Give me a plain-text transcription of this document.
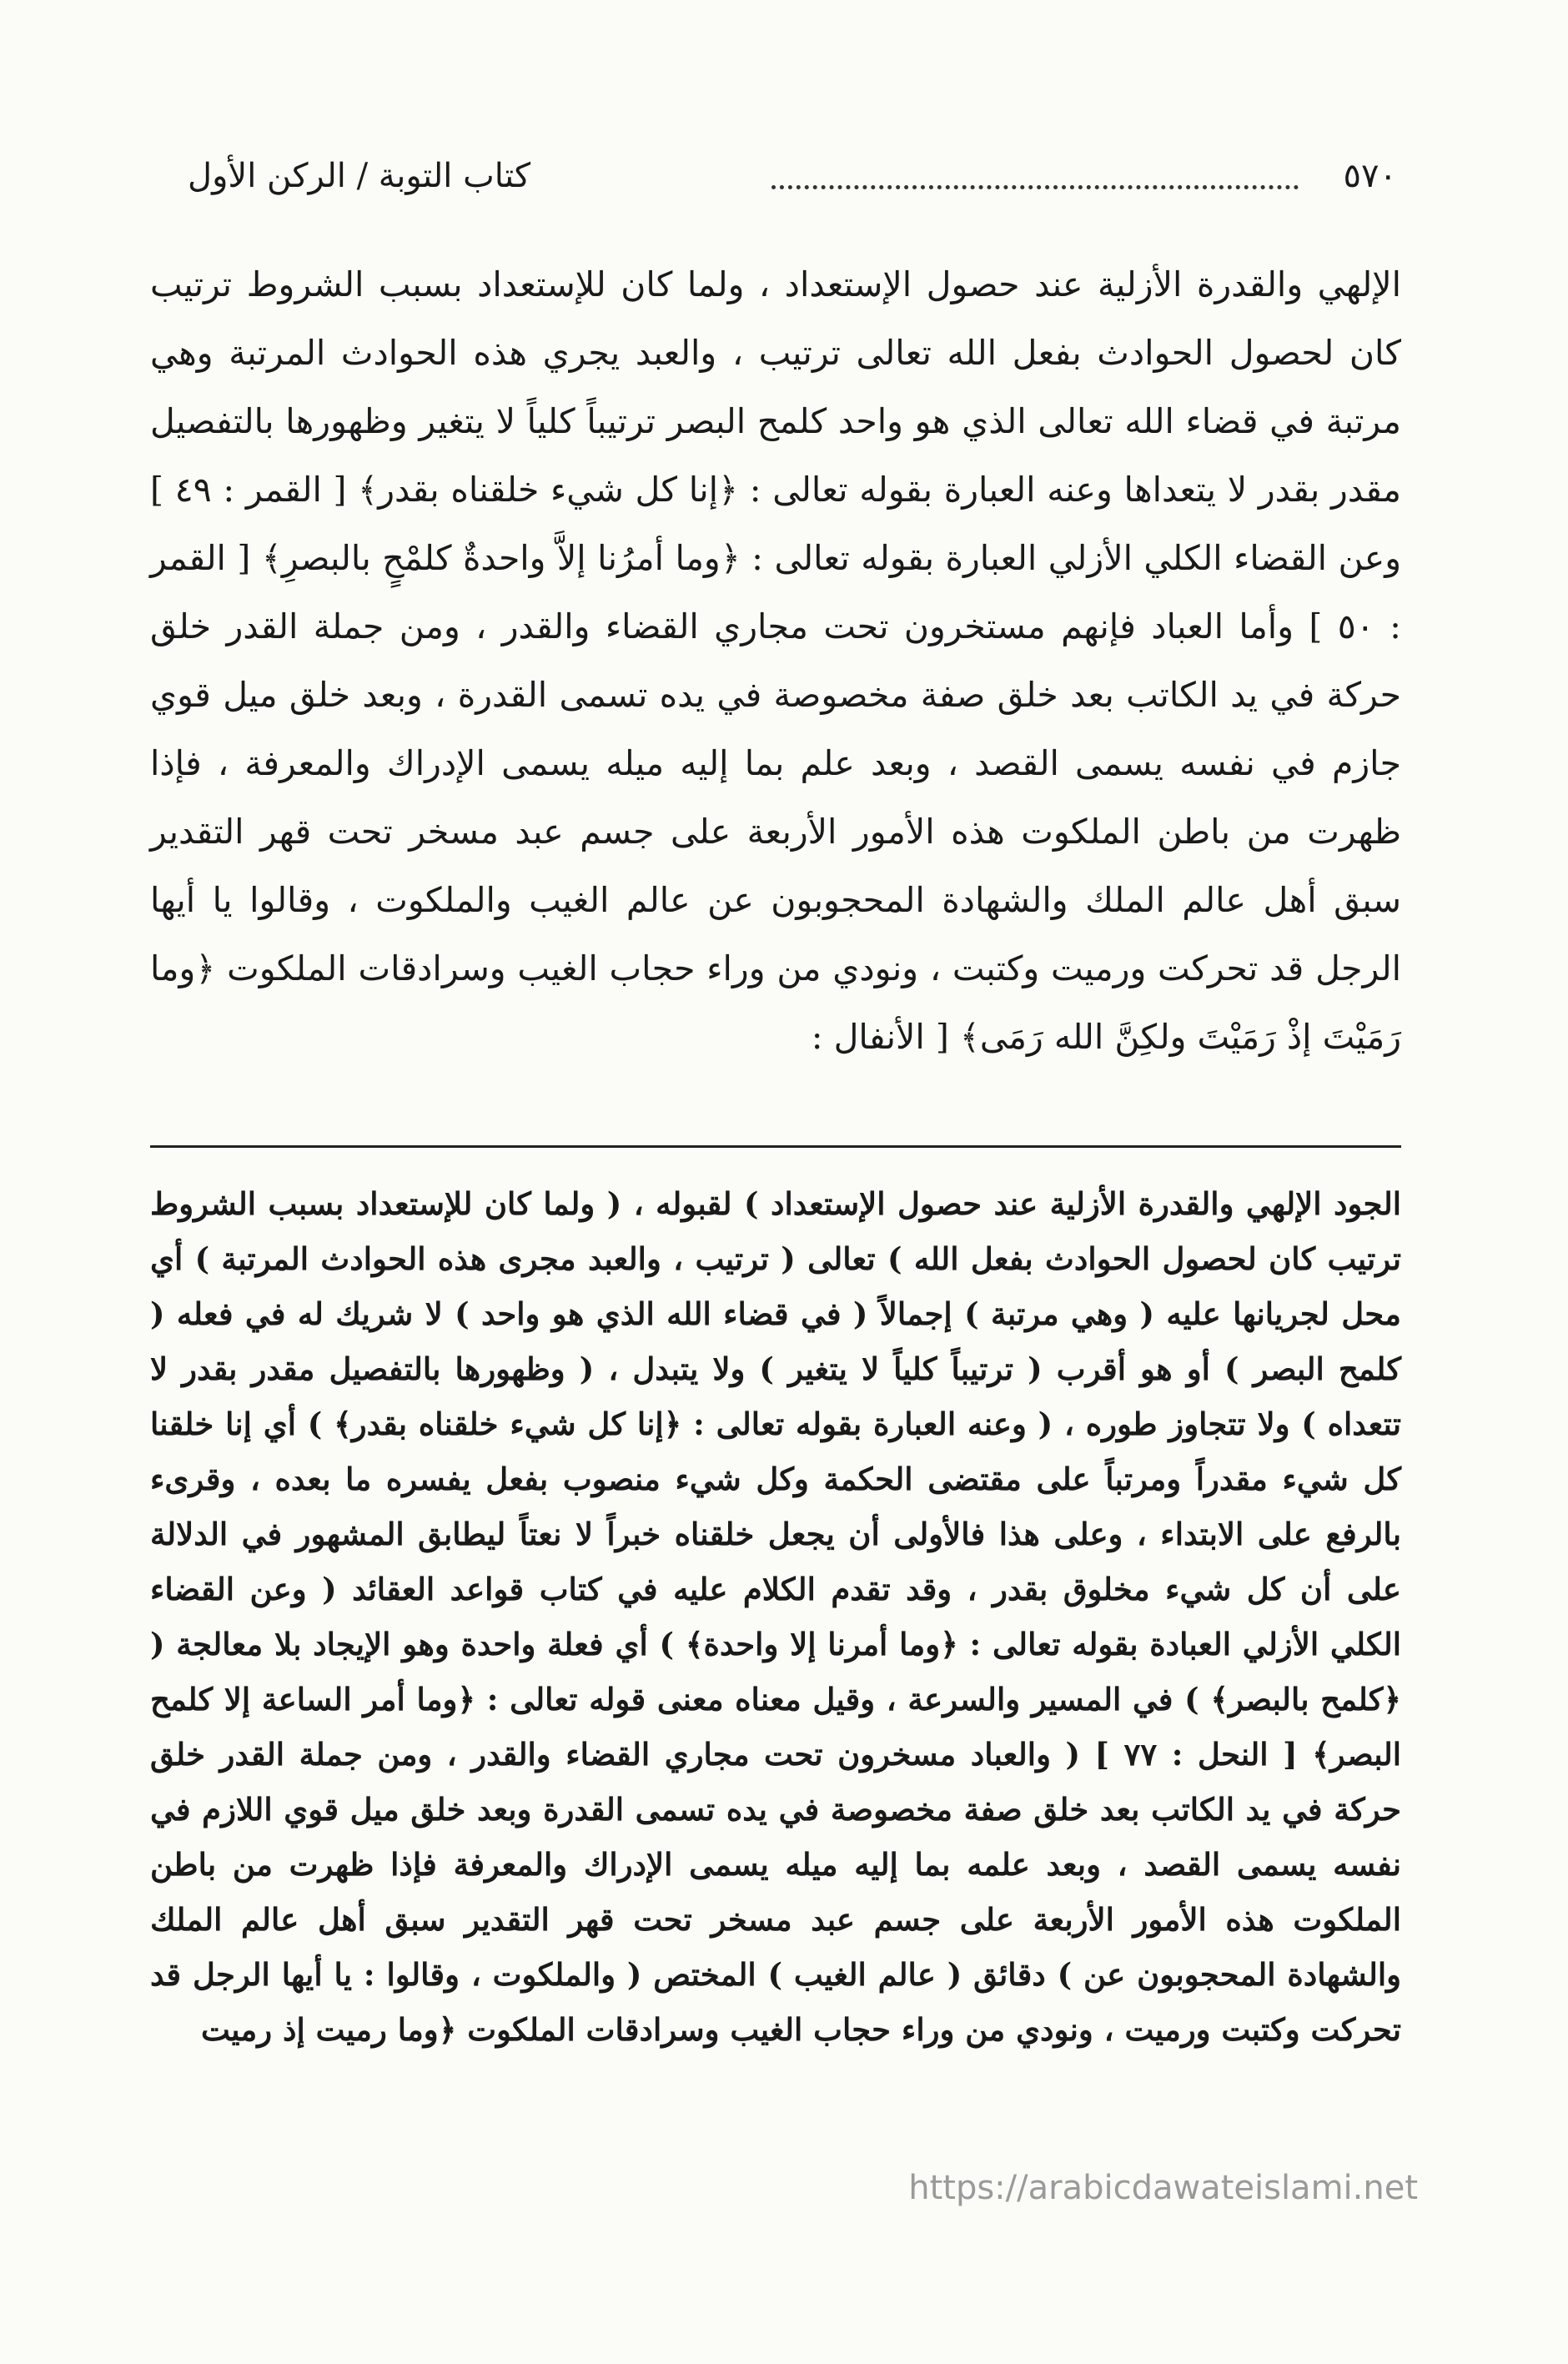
٥٧٠
كتاب التوبة / الركن الأول

الإلهي والقدرة الأزلية عند حصول الإستعداد ، ولما كان للإستعداد بسبب الشروط ترتيب كان لحصول الحوادث بفعل الله تعالى ترتيب ، والعبد يجري هذه الحوادث المرتبة وهي مرتبة في قضاء الله تعالى الذي هو واحد كلمح البصر ترتيباً كلياً لا يتغير وظهورها بالتفصيل مقدر بقدر لا يتعداها وعنه العبارة بقوله تعالى : ﴿إنا كل شيء خلقناه بقدر﴾ [ القمر : ٤٩ ] وعن القضاء الكلي الأزلي العبارة بقوله تعالى : ﴿وما أمرُنا إلاَّ واحدةٌ كلمْحٍ بالبصرِ﴾ [ القمر : ٥٠ ] وأما العباد فإنهم مستخرون تحت مجاري القضاء والقدر ، ومن جملة القدر خلق حركة في يد الكاتب بعد خلق صفة مخصوصة في يده تسمى القدرة ، وبعد خلق ميل قوي جازم في نفسه يسمى القصد ، وبعد علم بما إليه ميله يسمى الإدراك والمعرفة ، فإذا ظهرت من باطن الملكوت هذه الأمور الأربعة على جسم عبد مسخر تحت قهر التقدير سبق أهل عالم الملك والشهادة المحجوبون عن عالم الغيب والملكوت ، وقالوا يا أيها الرجل قد تحركت ورميت وكتبت ، ونودي من وراء حجاب الغيب وسرادقات الملكوت ﴿وما رَمَيْتَ إذْ رَمَيْتَ ولكِنَّ الله رَمَى﴾ [ الأنفال :

الجود الإلهي والقدرة الأزلية عند حصول الإستعداد ) لقبوله ، ( ولما كان للإستعداد بسبب الشروط ترتيب كان لحصول الحوادث بفعل الله ) تعالى ( ترتيب ، والعبد مجرى هذه الحوادث المرتبة ) أي محل لجريانها عليه ( وهي مرتبة ) إجمالاً ( في قضاء الله الذي هو واحد ) لا شريك له في فعله ( كلمح البصر ) أو هو أقرب ( ترتيباً كلياً لا يتغير ) ولا يتبدل ، ( وظهورها بالتفصيل مقدر بقدر لا تتعداه ) ولا تتجاوز طوره ، ( وعنه العبارة بقوله تعالى : ﴿إنا كل شيء خلقناه بقدر﴾ ) أي إنا خلقنا كل شيء مقدراً ومرتباً على مقتضى الحكمة وكل شيء منصوب بفعل يفسره ما بعده ، وقرىء بالرفع على الابتداء ، وعلى هذا فالأولى أن يجعل خلقناه خبراً لا نعتاً ليطابق المشهور في الدلالة على أن كل شيء مخلوق بقدر ، وقد تقدم الكلام عليه في كتاب قواعد العقائد ( وعن القضاء الكلي الأزلي العبادة بقوله تعالى : ﴿وما أمرنا إلا واحدة﴾ ) أي فعلة واحدة وهو الإيجاد بلا معالجة ( ﴿كلمح بالبصر﴾ ) في المسير والسرعة ، وقيل معناه معنى قوله تعالى : ﴿وما أمر الساعة إلا كلمح البصر﴾ [ النحل : ٧٧ ] ( والعباد مسخرون تحت مجاري القضاء والقدر ، ومن جملة القدر خلق حركة في يد الكاتب بعد خلق صفة مخصوصة في يده تسمى القدرة وبعد خلق ميل قوي اللازم في نفسه يسمى القصد ، وبعد علمه بما إليه ميله يسمى الإدراك والمعرفة فإذا ظهرت من باطن الملكوت هذه الأمور الأربعة على جسم عبد مسخر تحت قهر التقدير سبق أهل عالم الملك والشهادة المحجوبون عن ) دقائق ( عالم الغيب ) المختص ( والملكوت ، وقالوا : يا أيها الرجل قد تحركت وكتبت ورميت ، ونودي من وراء حجاب الغيب وسرادقات الملكوت ﴿وما رميت إذ رميت

https://arabicdawateislami.net
